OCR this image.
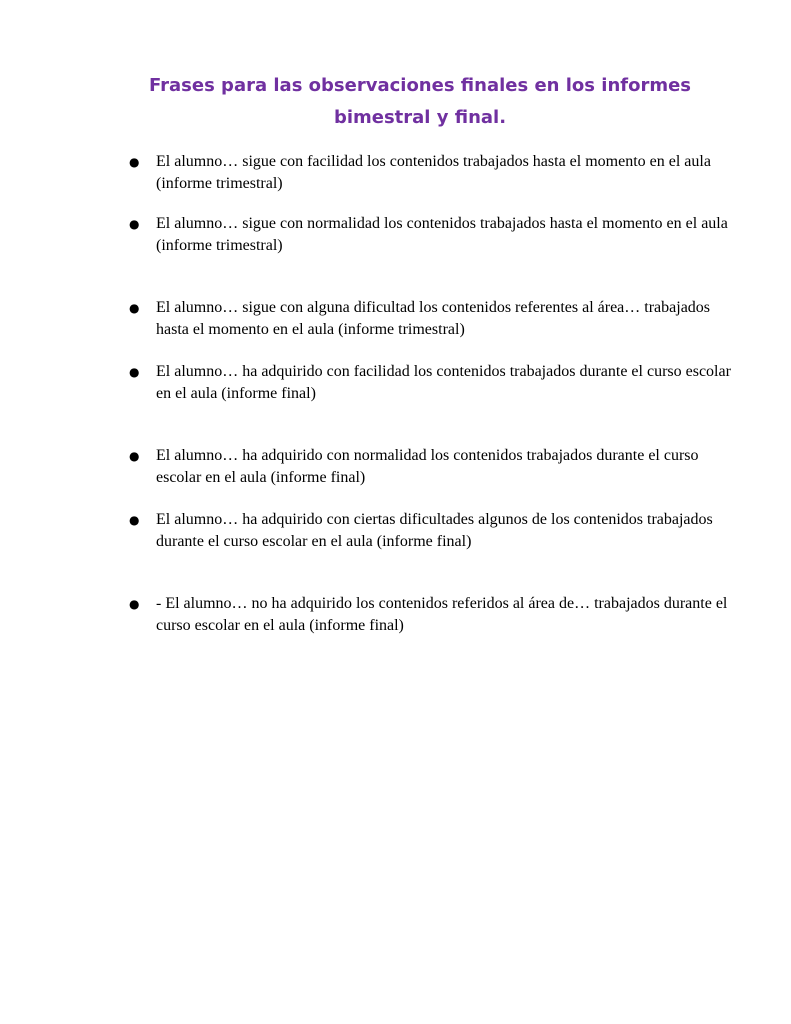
Frases para las observaciones finales en los informes bimestral y final.
●	El alumno… sigue con facilidad los contenidos trabajados hasta el momento en el aula (informe trimestral)
●	El alumno… sigue con normalidad los contenidos trabajados hasta el momento en el aula (informe trimestral)
●	El alumno… sigue con alguna dificultad los contenidos referentes al área… trabajados hasta el momento en el aula (informe trimestral)
●	El alumno… ha adquirido con facilidad los contenidos trabajados durante el curso escolar en el aula (informe final)
●	El alumno… ha adquirido con normalidad los contenidos trabajados durante el curso escolar en el aula (informe final)
●	El alumno… ha adquirido con ciertas dificultades algunos de los contenidos trabajados durante el curso escolar en el aula (informe final)
●	- El alumno… no ha adquirido los contenidos referidos al área de… trabajados durante el curso escolar en el aula (informe final)
